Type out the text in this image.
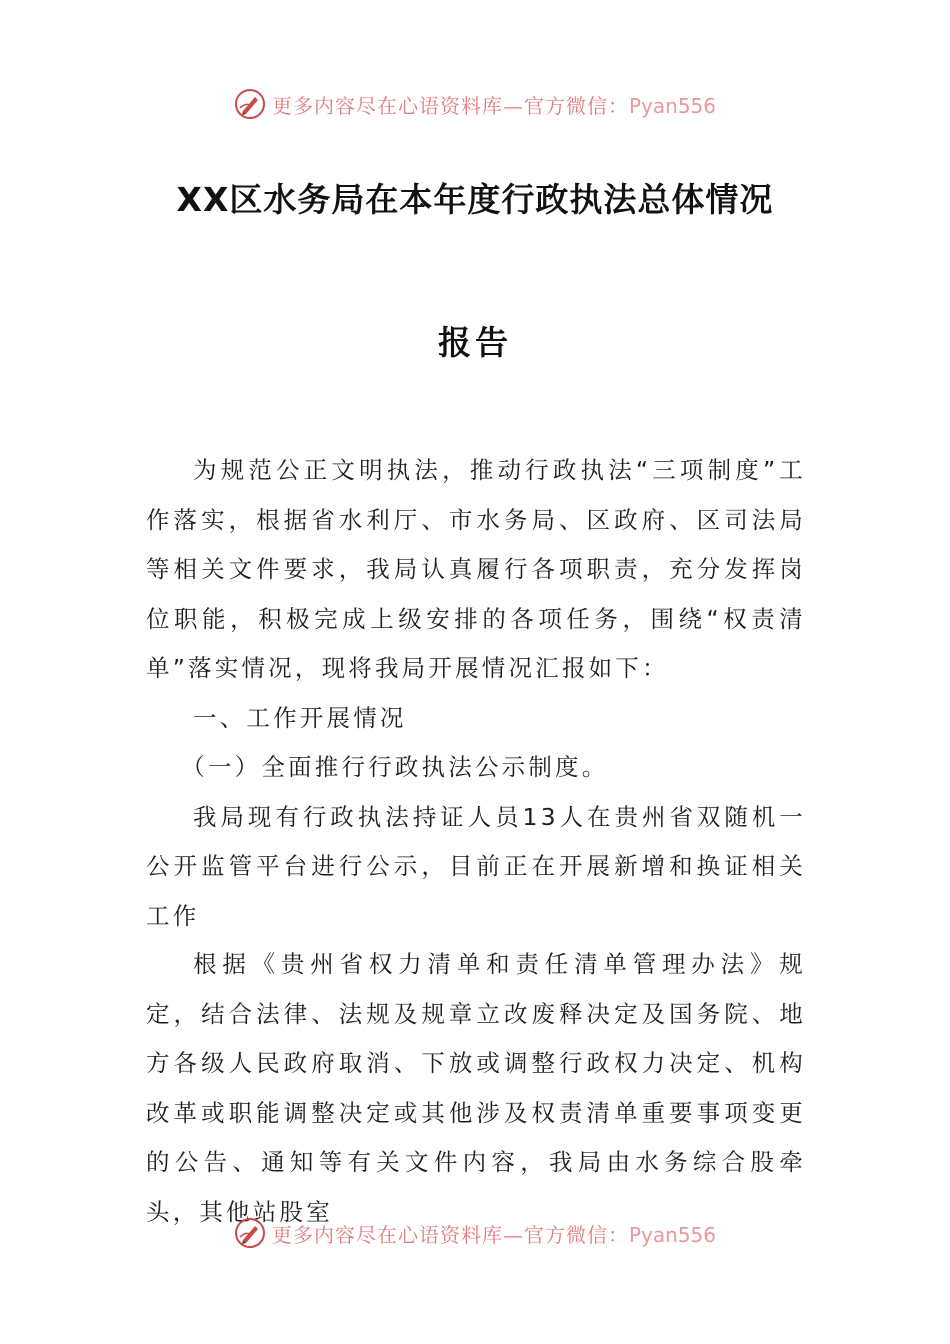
更多内容尽在心语资料库—官方微信：Pyan556
XX区水务局在本年度行政执法总体情况
报告

为规范公正文明执法，推动行政执法“三项制度”工作落实，根据省水利厅、市水务局、区政府、区司法局等相关文件要求，我局认真履行各项职责，充分发挥岗位职能，积极完成上级安排的各项任务，围绕“权责清单”落实情况，现将我局开展情况汇报如下：

一、工作开展情况

（一）全面推行行政执法公示制度。

我局现有行政执法持证人员13人在贵州省双随机一公开监管平台进行公示，目前正在开展新增和换证相关工作

根据《贵州省权力清单和责任清单管理办法》规定，结合法律、法规及规章立改废释决定及国务院、地方各级人民政府取消、下放或调整行政权力决定、机构改革或职能调整决定或其他涉及权责清单重要事项变更的公告、通知等有关文件内容，我局由水务综合股牵头，其他站股室

更多内容尽在心语资料库—官方微信：Pyan556
